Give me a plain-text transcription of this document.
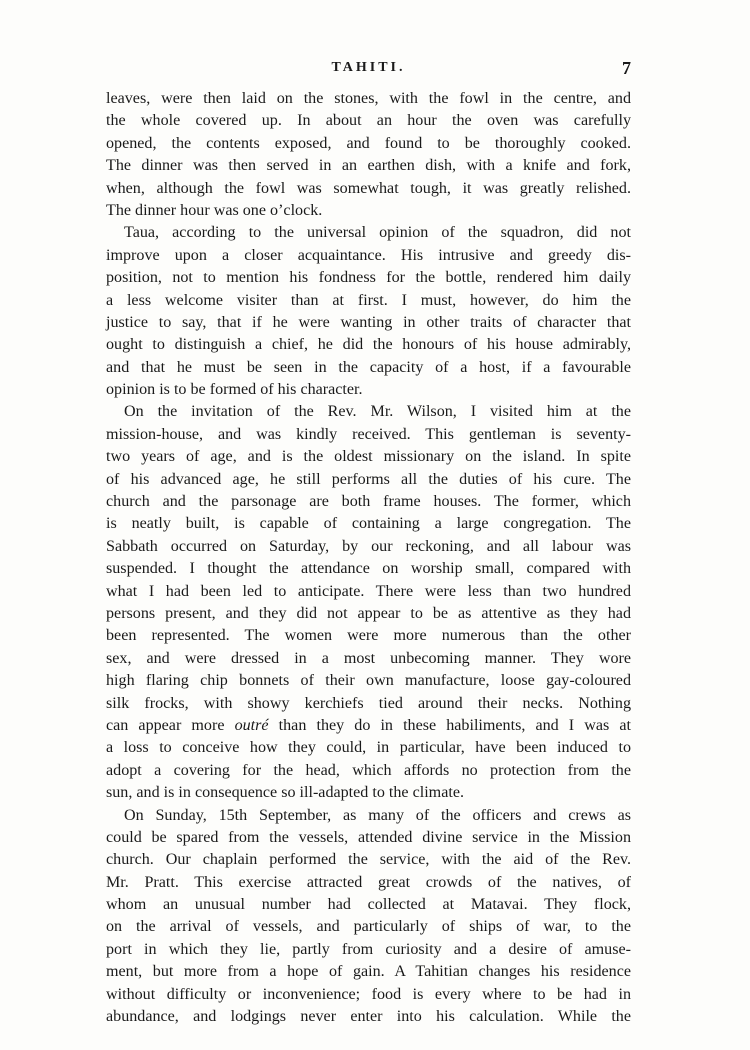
TAHITI.	7
leaves, were then laid on the stones, with the fowl in the centre, and
the whole covered up. In about an hour the oven was carefully
opened, the contents exposed, and found to be thoroughly cooked.
The dinner was then served in an earthen dish, with a knife and fork,
when, although the fowl was somewhat tough, it was greatly relished.
The dinner hour was one o’clock.
Taua, according to the universal opinion of the squadron, did not
improve upon a closer acquaintance. His intrusive and greedy dis-
position, not to mention his fondness for the bottle, rendered him daily
a less welcome visiter than at first. I must, however, do him the
justice to say, that if he were wanting in other traits of character that
ought to distinguish a chief, he did the honours of his house admirably,
and that he must be seen in the capacity of a host, if a favourable
opinion is to be formed of his character.
On the invitation of the Rev. Mr. Wilson, I visited him at the
mission-house, and was kindly received. This gentleman is seventy-
two years of age, and is the oldest missionary on the island. In spite
of his advanced age, he still performs all the duties of his cure. The
church and the parsonage are both frame houses. The former, which
is neatly built, is capable of containing a large congregation. The
Sabbath occurred on Saturday, by our reckoning, and all labour was
suspended. I thought the attendance on worship small, compared with
what I had been led to anticipate. There were less than two hundred
persons present, and they did not appear to be as attentive as they had
been represented. The women were more numerous than the other
sex, and were dressed in a most unbecoming manner. They wore
high flaring chip bonnets of their own manufacture, loose gay-coloured
silk frocks, with showy kerchiefs tied around their necks. Nothing
can appear more outré than they do in these habiliments, and I was at
a loss to conceive how they could, in particular, have been induced to
adopt a covering for the head, which affords no protection from the
sun, and is in consequence so ill-adapted to the climate.
On Sunday, 15th September, as many of the officers and crews as
could be spared from the vessels, attended divine service in the Mission
church. Our chaplain performed the service, with the aid of the Rev.
Mr. Pratt. This exercise attracted great crowds of the natives, of
whom an unusual number had collected at Matavai. They flock,
on the arrival of vessels, and particularly of ships of war, to the
port in which they lie, partly from curiosity and a desire of amuse-
ment, but more from a hope of gain. A Tahitian changes his residence
without difficulty or inconvenience; food is every where to be had in
abundance, and lodgings never enter into his calculation. While the
